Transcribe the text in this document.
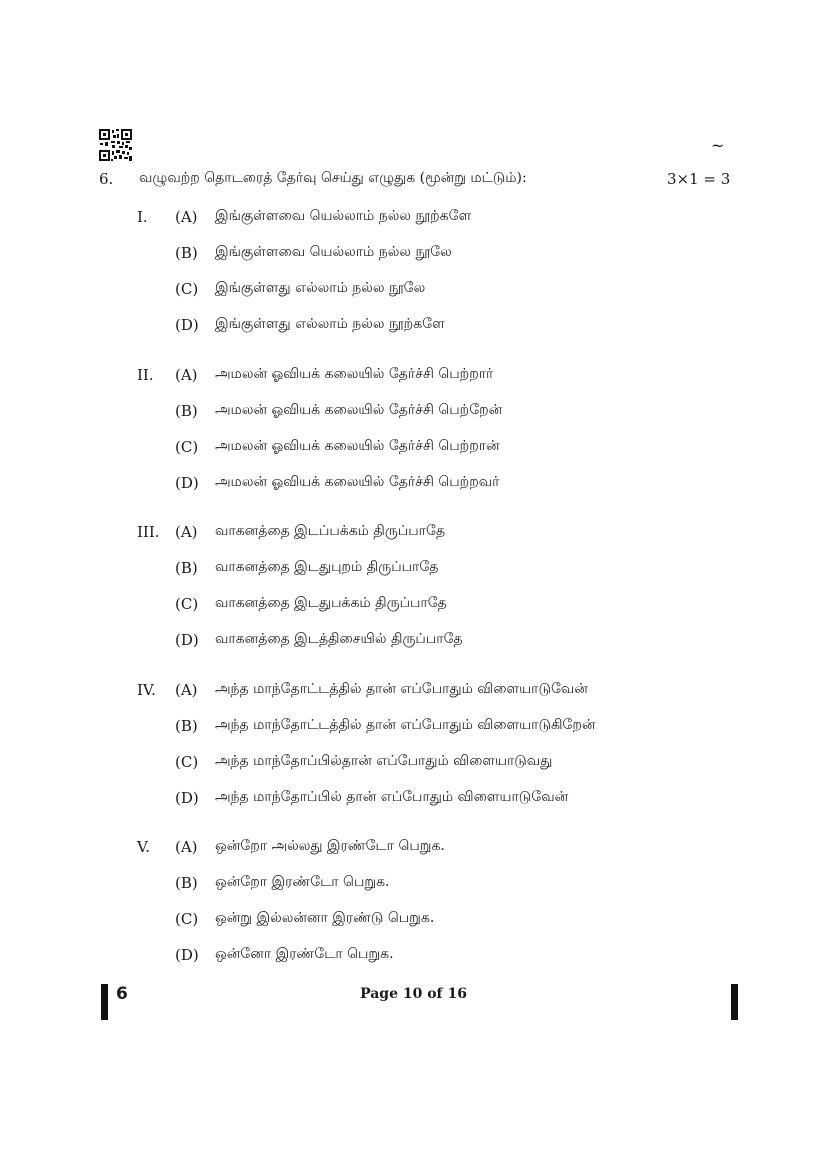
~
6. வழுவற்ற தொடரைத் தேர்வு செய்து எழுதுக (மூன்று மட்டும்):	3×1 = 3
I. (A) இங்குள்ளவை யெல்லாம் நல்ல நூற்களே
(B) இங்குள்ளவை யெல்லாம் நல்ல நூலே
(C) இங்குள்ளது எல்லாம் நல்ல நூலே
(D) இங்குள்ளது எல்லாம் நல்ல நூற்களே
II. (A) அமலன் ஓவியக் கலையில் தேர்ச்சி பெற்றார்
(B) அமலன் ஓவியக் கலையில் தேர்ச்சி பெற்றேன்
(C) அமலன் ஓவியக் கலையில் தேர்ச்சி பெற்றான்
(D) அமலன் ஓவியக் கலையில் தேர்ச்சி பெற்றவர்
III. (A) வாகனத்தை இடப்பக்கம் திருப்பாதே
(B) வாகனத்தை இடதுபுறம் திருப்பாதே
(C) வாகனத்தை இடதுபக்கம் திருப்பாதே
(D) வாகனத்தை இடத்திசையில் திருப்பாதே
IV. (A) அந்த மாந்தோட்டத்தில் தான் எப்போதும் விளையாடுவேன்
(B) அந்த மாந்தோட்டத்தில் தான் எப்போதும் விளையாடுகிறேன்
(C) அந்த மாந்தோப்பில்தான் எப்போதும் விளையாடுவது
(D) அந்த மாந்தோப்பில் தான் எப்போதும் விளையாடுவேன்
V. (A) ஒன்றோ அல்லது இரண்டோ பெறுக.
(B) ஒன்றோ இரண்டோ பெறுக.
(C) ஒன்று இல்லன்னா இரண்டு பெறுக.
(D) ஒன்னோ இரண்டோ பெறுக.
6	Page 10 of 16
